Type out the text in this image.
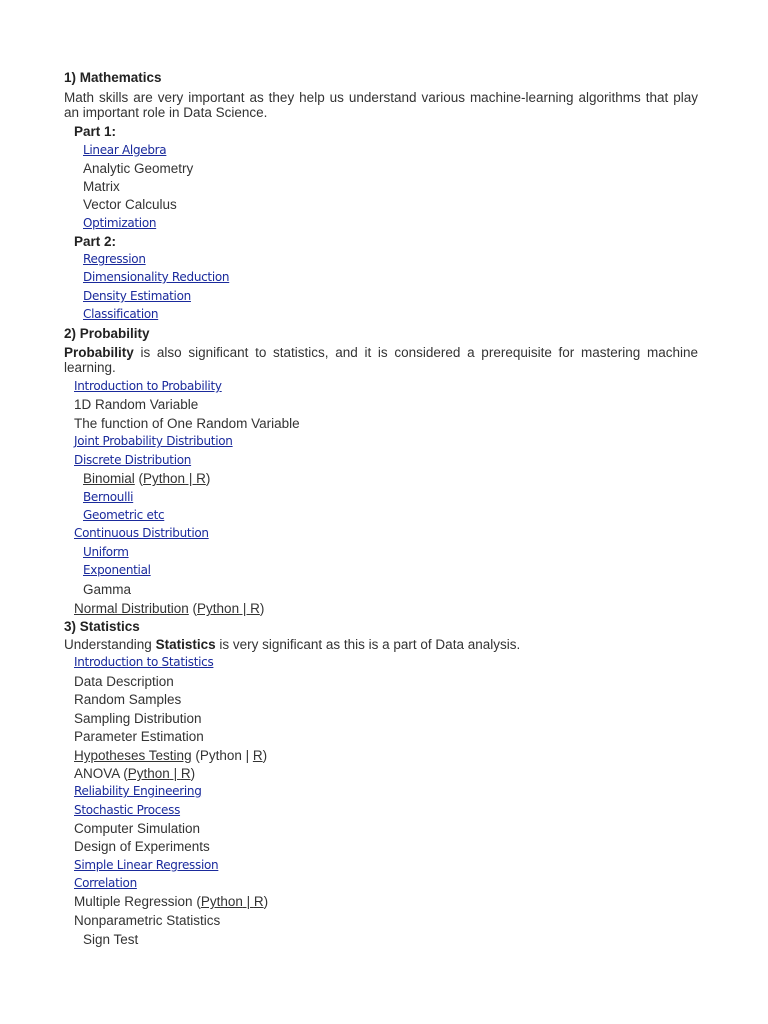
1) Mathematics
Math skills are very important as they help us understand various machine-learning algorithms that play an important role in Data Science.
Part 1:
Linear Algebra
Analytic Geometry
Matrix
Vector Calculus
Optimization
Part 2:
Regression
Dimensionality Reduction
Density Estimation
Classification
2) Probability
Probability is also significant to statistics, and it is considered a prerequisite for mastering machine learning.
Introduction to Probability
1D Random Variable
The function of One Random Variable
Joint Probability Distribution
Discrete Distribution
Binomial (Python | R)
Bernoulli
Geometric etc
Continuous Distribution
Uniform
Exponential
Gamma
Normal Distribution (Python | R)
3) Statistics
Understanding Statistics is very significant as this is a part of Data analysis.
Introduction to Statistics
Data Description
Random Samples
Sampling Distribution
Parameter Estimation
Hypotheses Testing (Python | R)
ANOVA (Python | R)
Reliability Engineering
Stochastic Process
Computer Simulation
Design of Experiments
Simple Linear Regression
Correlation
Multiple Regression (Python | R)
Nonparametric Statistics
Sign Test
